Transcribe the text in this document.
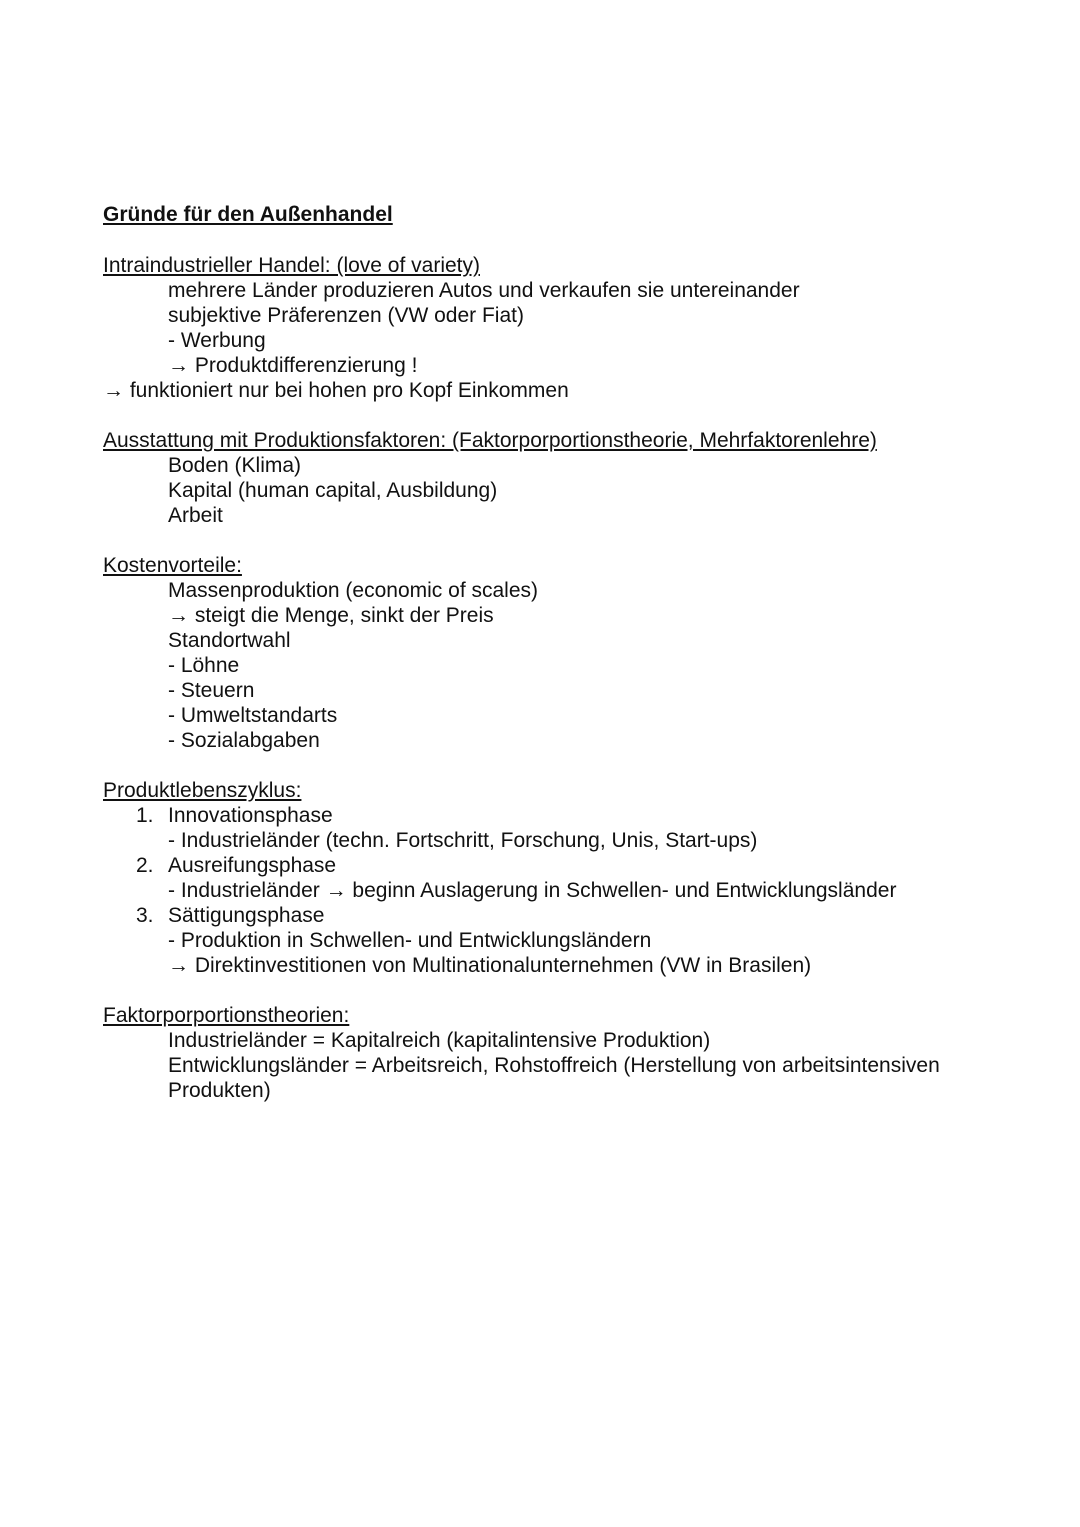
Gründe für den Außenhandel
Intraindustrieller Handel: (love of variety)
mehrere Länder produzieren Autos und verkaufen sie untereinander
subjektive Präferenzen (VW oder Fiat)
- Werbung
→ Produktdifferenzierung !
→ funktioniert nur bei hohen pro Kopf Einkommen
Ausstattung mit Produktionsfaktoren: (Faktorporportionstheorie, Mehrfaktorenlehre)
Boden (Klima)
Kapital (human capital, Ausbildung)
Arbeit
Kostenvorteile:
Massenproduktion (economic of scales)
→ steigt die Menge, sinkt der Preis
Standortwahl
- Löhne
- Steuern
- Umweltstandarts
- Sozialabgaben
Produktlebenszyklus:
1. Innovationsphase
- Industrieländer (techn. Fortschritt, Forschung, Unis, Start-ups)
2. Ausreifungsphase
- Industrieländer → beginn Auslagerung in Schwellen- und Entwicklungsländer
3. Sättigungsphase
- Produktion in Schwellen- und Entwicklungsländern
→ Direktinvestitionen von Multinationalunternehmen (VW in Brasilen)
Faktorporportionstheorien:
Industrieländer = Kapitalreich (kapitalintensive Produktion)
Entwicklungsländer = Arbeitsreich, Rohstoffreich (Herstellung von arbeitsintensiven Produkten)
